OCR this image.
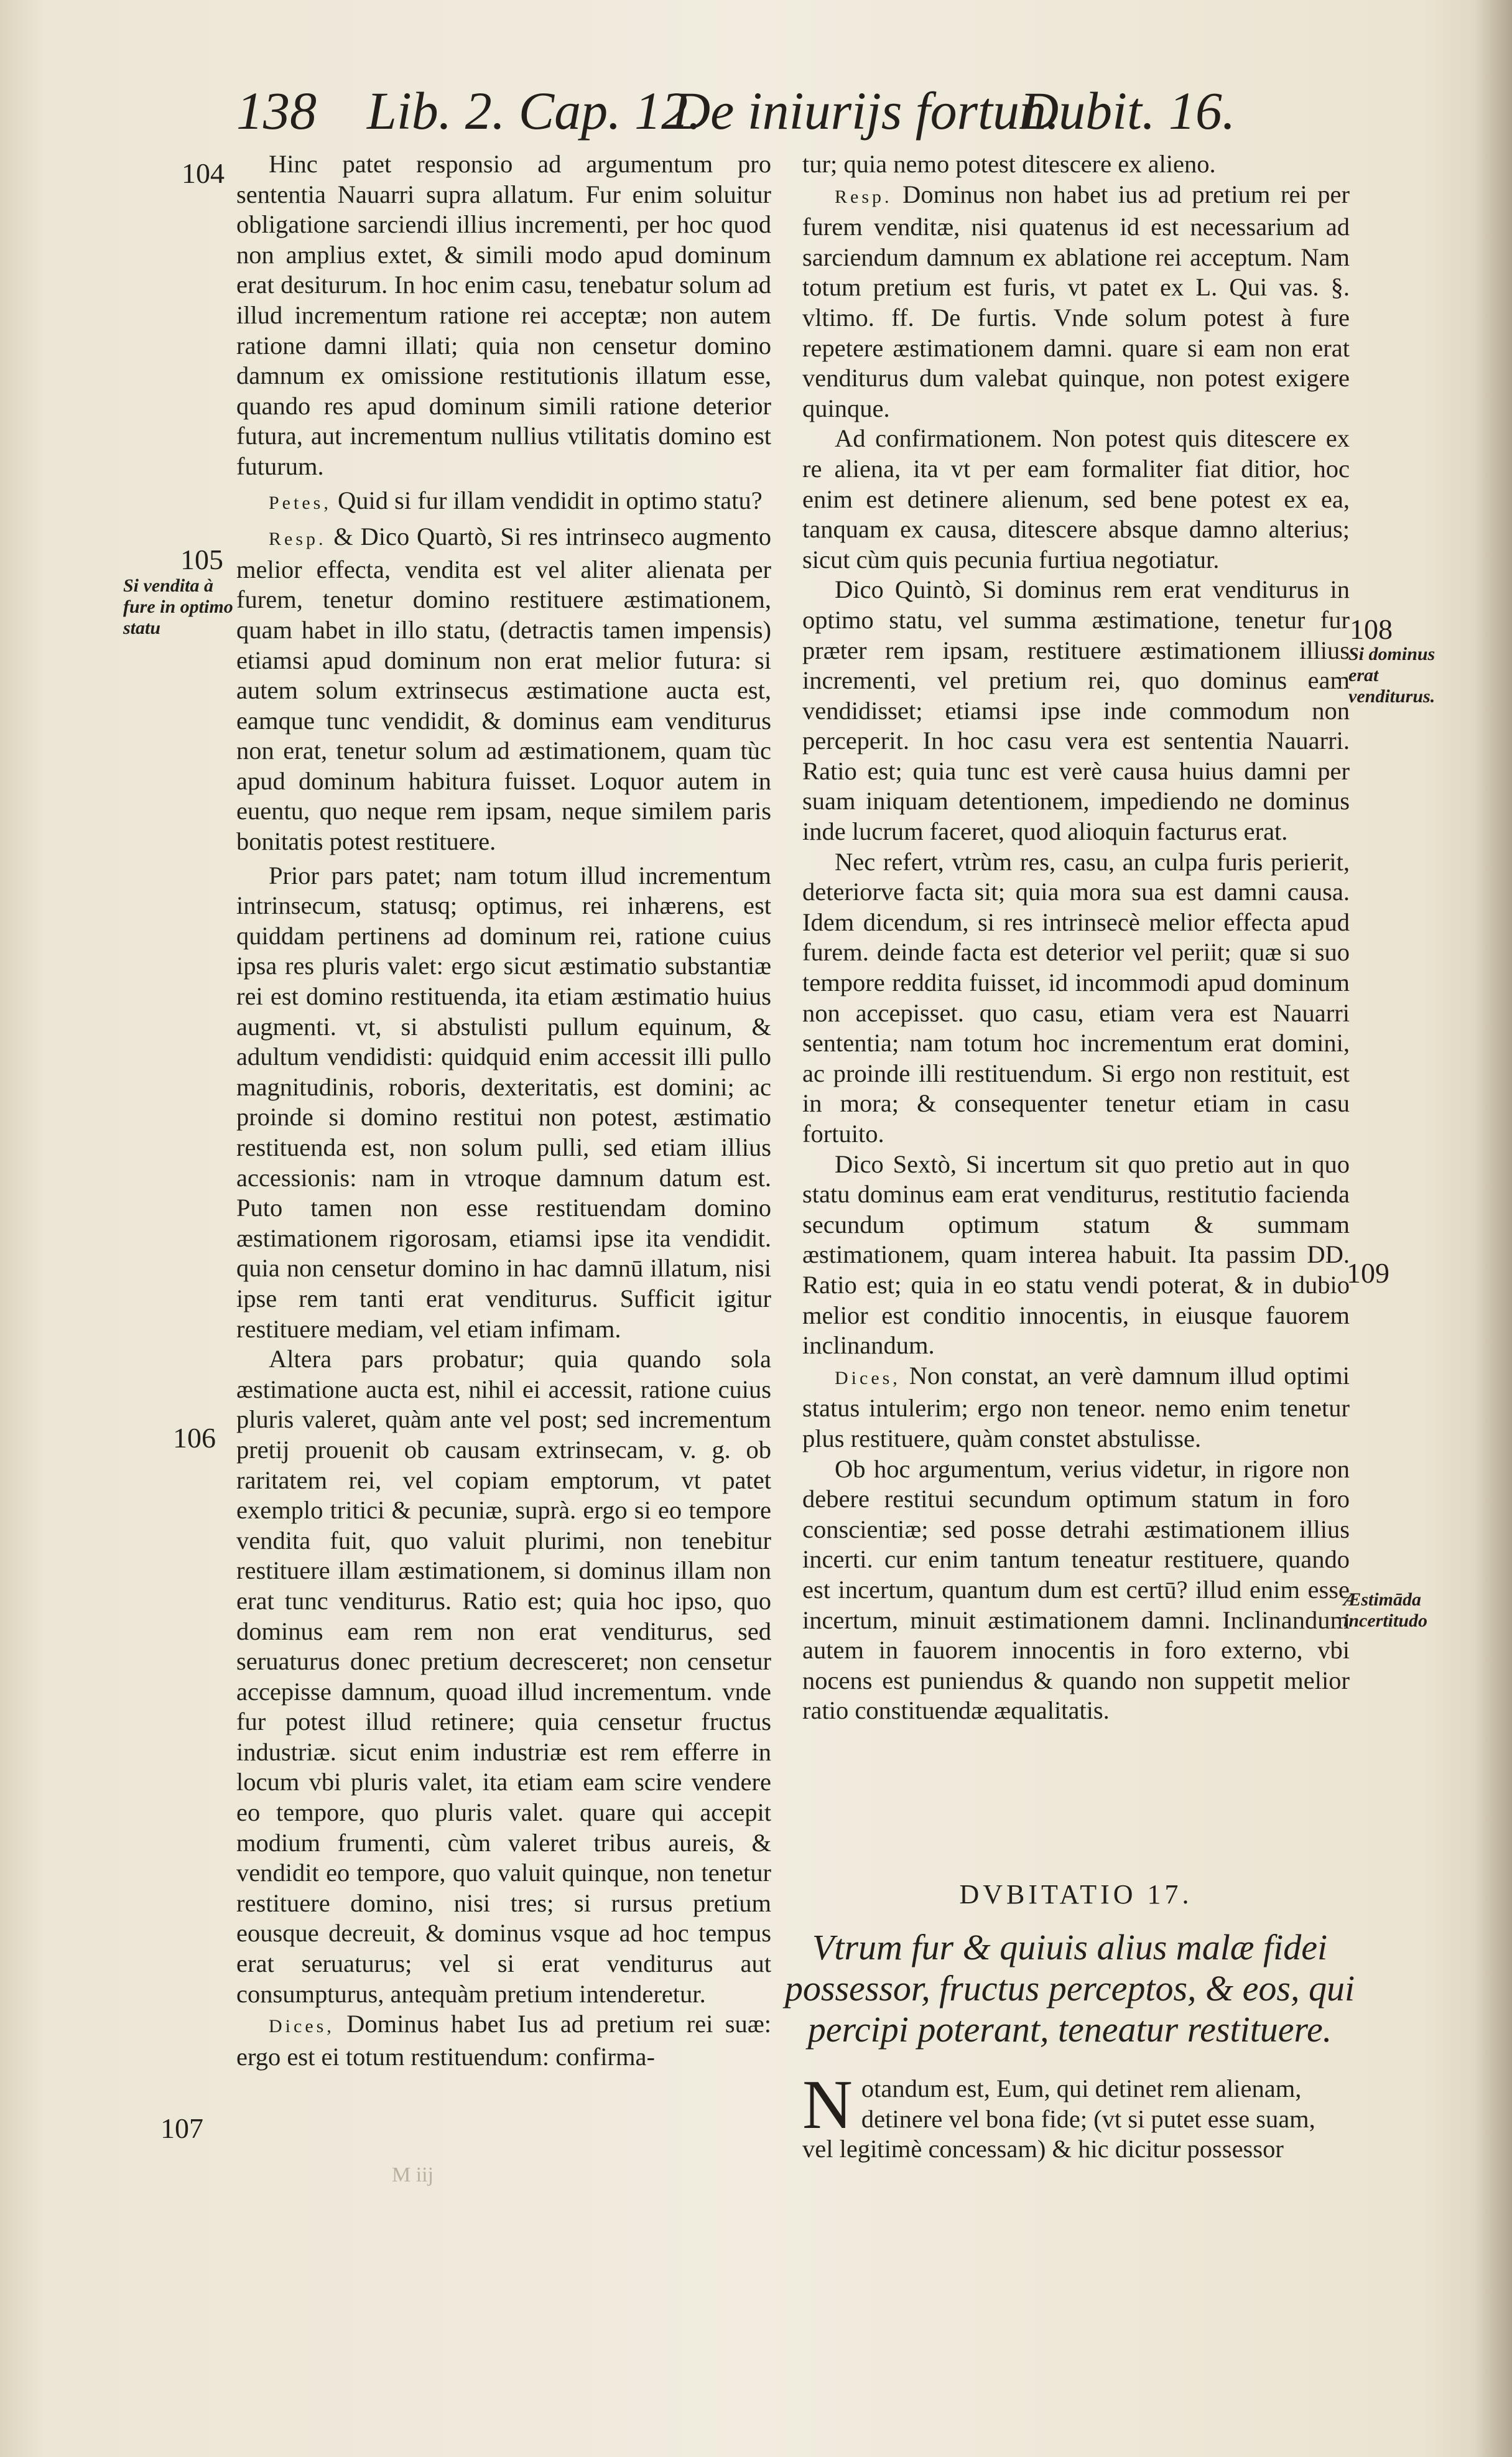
138 Lib. 2. Cap. 12.
De iniurijs fortun.
Dubit. 16.
104
105
Si vendita à fure in optimo statu
106
107
108
Si dominus erat venditurus.
109
Æstimāda incertitudo

Hinc patet responsio ad argumentum pro sententia Nauarri supra allatum. Fur enim soluitur obligatione sarciendi illius incrementi, per hoc quod non amplius extet, & simili modo apud dominum erat desiturum. In hoc enim casu, tenebatur solum ad illud incrementum ratione rei acceptæ; non autem ratione damni illati; quia non censetur domino damnum ex omissione restitutionis illatum esse, quando res apud dominum simili ratione deterior futura, aut incrementum nullius vtilitatis domino est futurum.

Petes, Quid si fur illam vendidit in optimo statu?

Resp. & Dico Quartò, Si res intrinseco augmento melior effecta, vendita est vel aliter alienata per furem, tenetur domino restituere æstimationem, quam habet in illo statu, (detractis tamen impensis) etiamsi apud dominum non erat melior futura: si autem solum extrinsecus æstimatione aucta est, eamque tunc vendidit, & dominus eam venditurus non erat, tenetur solum ad æstimationem, quam tùc apud dominum habitura fuisset. Loquor autem in euentu, quo neque rem ipsam, neque similem paris bonitatis potest restituere.

Prior pars patet; nam totum illud incrementum intrinsecum, statusq; optimus, rei inhærens, est quiddam pertinens ad dominum rei, ratione cuius ipsa res pluris valet: ergo sicut æstimatio substantiæ rei est domino restituenda, ita etiam æstimatio huius augmenti. vt, si abstulisti pullum equinum, & adultum vendidisti: quidquid enim accessit illi pullo magnitudinis, roboris, dexteritatis, est domini; ac proinde si domino restitui non potest, æstimatio restituenda est, non solum pulli, sed etiam illius accessionis: nam in vtroque damnum datum est. Puto tamen non esse restituendam domino æstimationem rigorosam, etiamsi ipse ita vendidit. quia non censetur domino in hac damnū illatum, nisi ipse rem tanti erat venditurus. Sufficit igitur restituere mediam, vel etiam infimam.

Altera pars probatur; quia quando sola æstimatione aucta est, nihil ei accessit, ratione cuius pluris valeret, quàm ante vel post; sed incrementum pretij prouenit ob causam extrinsecam, v. g. ob raritatem rei, vel copiam emptorum, vt patet exemplo tritici & pecuniæ, suprà. ergo si eo tempore vendita fuit, quo valuit plurimi, non tenebitur restituere illam æstimationem, si dominus illam non erat tunc venditurus. Ratio est; quia hoc ipso, quo dominus eam rem non erat venditurus, sed seruaturus donec pretium decresceret; non censetur accepisse damnum, quoad illud incrementum. vnde fur potest illud retinere; quia censetur fructus industriæ. sicut enim industriæ est rem efferre in locum vbi pluris valet, ita etiam eam scire vendere eo tempore, quo pluris valet. quare qui accepit modium frumenti, cùm valeret tribus aureis, & vendidit eo tempore, quo valuit quinque, non tenetur restituere domino, nisi tres; si rursus pretium eousque decreuit, & dominus vsque ad hoc tempus erat seruaturus; vel si erat venditurus aut consumpturus, antequàm pretium intenderetur.

Dices, Dominus habet Ius ad pretium rei suæ: ergo est ei totum restituendum: confirma-

tur; quia nemo potest ditescere ex alieno.

Resp. Dominus non habet ius ad pretium rei per furem venditæ, nisi quatenus id est necessarium ad sarciendum damnum ex ablatione rei acceptum. Nam totum pretium est furis, vt patet ex L. Qui vas. §. vltimo. ff. De furtis. Vnde solum potest à fure repetere æstimationem damni. quare si eam non erat venditurus dum valebat quinque, non potest exigere quinque.

Ad confirmationem. Non potest quis ditescere ex re aliena, ita vt per eam formaliter fiat ditior, hoc enim est detinere alienum, sed bene potest ex ea, tanquam ex causa, ditescere absque damno alterius; sicut cùm quis pecunia furtiua negotiatur.

Dico Quintò, Si dominus rem erat venditurus in optimo statu, vel summa æstimatione, tenetur fur præter rem ipsam, restituere æstimationem illius incrementi, vel pretium rei, quo dominus eam vendidisset; etiamsi ipse inde commodum non perceperit. In hoc casu vera est sententia Nauarri. Ratio est; quia tunc est verè causa huius damni per suam iniquam detentionem, impediendo ne dominus inde lucrum faceret, quod alioquin facturus erat.

Nec refert, vtrùm res, casu, an culpa furis perierit, deteriorve facta sit; quia mora sua est damni causa. Idem dicendum, si res intrinsecè melior effecta apud furem. deinde facta est deterior vel periit; quæ si suo tempore reddita fuisset, id incommodi apud dominum non accepisset. quo casu, etiam vera est Nauarri sententia; nam totum hoc incrementum erat domini, ac proinde illi restituendum. Si ergo non restituit, est in mora; & consequenter tenetur etiam in casu fortuito.

Dico Sextò, Si incertum sit quo pretio aut in quo statu dominus eam erat venditurus, restitutio facienda secundum optimum statum & summam æstimationem, quam interea habuit. Ita passim DD. Ratio est; quia in eo statu vendi poterat, & in dubio melior est conditio innocentis, in eiusque fauorem inclinandum.

Dices, Non constat, an verè damnum illud optimi status intulerim; ergo non teneor. nemo enim tenetur plus restituere, quàm constet abstulisse.

Ob hoc argumentum, verius videtur, in rigore non debere restitui secundum optimum statum in foro conscientiæ; sed posse detrahi æstimationem illius incerti. cur enim tantum teneatur restituere, quando est incertum, quantum dum est certū? illud enim esse incertum, minuit æstimationem damni. Inclinandum autem in fauorem innocentis in foro externo, vbi nocens est puniendus & quando non suppetit melior ratio constituendæ æqualitatis.

DVBITATIO 17.
Vtrum fur & quiuis alius malæ fidei possessor, fructus perceptos, & eos, qui percipi poterant, teneatur restituere.
Notandum est, Eum, qui detinet rem alienam, detinere vel bona fide; (vt si putet esse suam, vel legitimè concessam) & hic dicitur possessor
M iij
